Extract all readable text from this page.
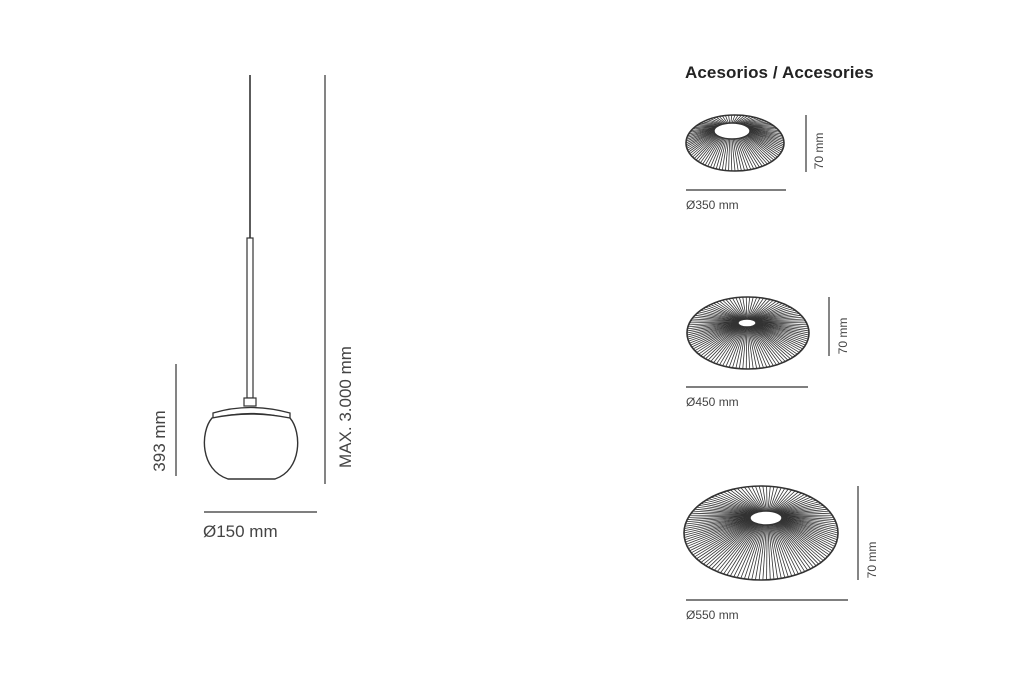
393 mm	MAX. 3.000 mm
Ø150 mm
70 mm
Ø350 mm
70 mm
Ø450 mm
70 mm
Ø550 mm
Acesorios / Accesories
